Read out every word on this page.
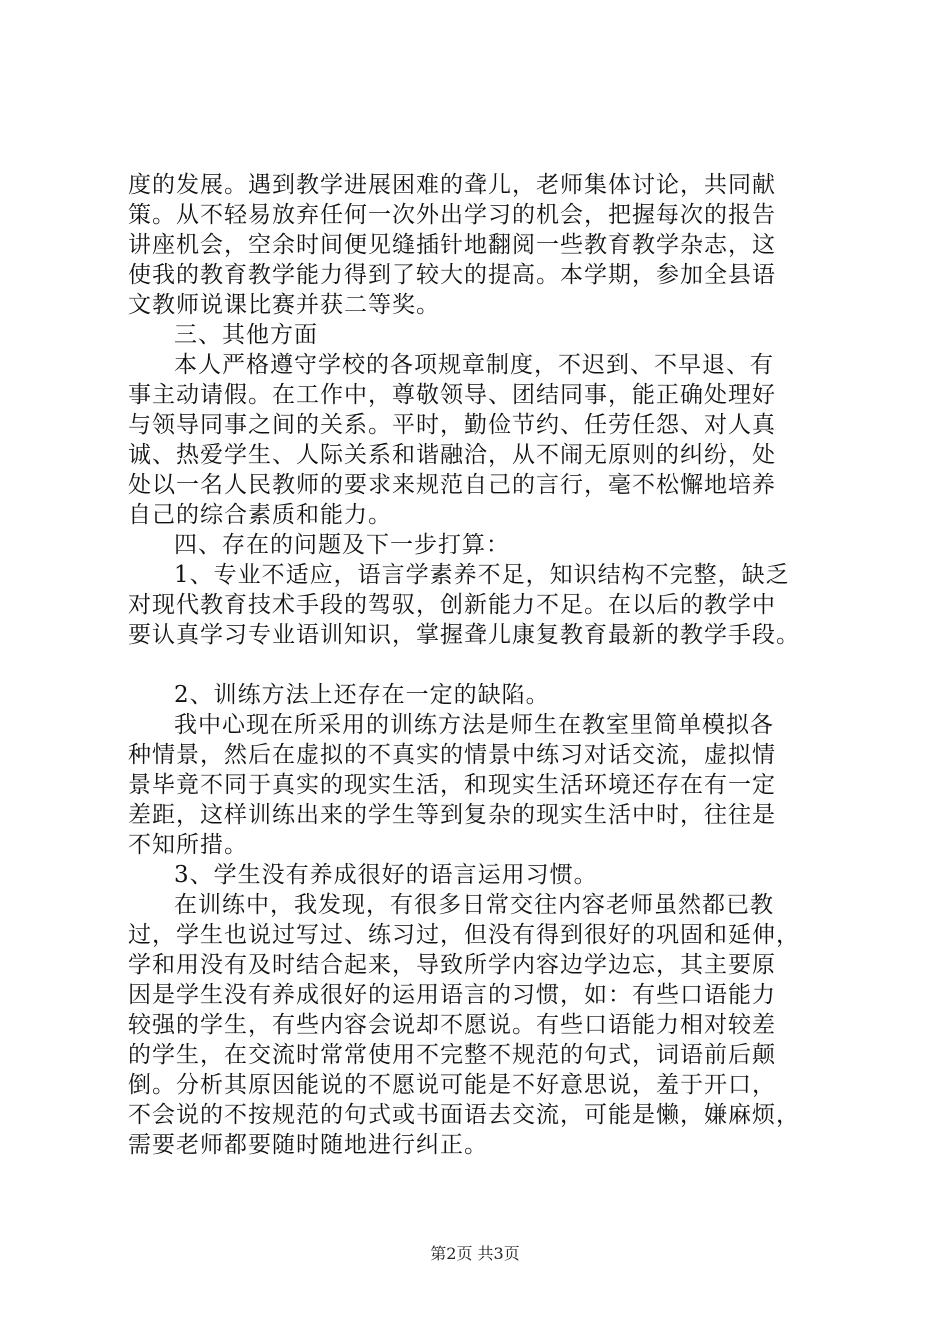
度的发展。遇到教学进展困难的聋儿，老师集体讨论，共同献

策。从不轻易放弃任何一次外出学习的机会，把握每次的报告

讲座机会，空余时间便见缝插针地翻阅一些教育教学杂志，这

使我的教育教学能力得到了较大的提高。本学期，参加全县语

文教师说课比赛并获二等奖。

三、其他方面

本人严格遵守学校的各项规章制度，不迟到、不早退、有

事主动请假。在工作中，尊敬领导、团结同事，能正确处理好

与领导同事之间的关系。平时，勤俭节约、任劳任怨、对人真

诚、热爱学生、人际关系和谐融洽，从不闹无原则的纠纷，处

处以一名人民教师的要求来规范自己的言行，毫不松懈地培养

自己的综合素质和能力。

四、存在的问题及下一步打算：

1、专业不适应，语言学素养不足，知识结构不完整，缺乏

对现代教育技术手段的驾驭，创新能力不足。在以后的教学中

要认真学习专业语训知识，掌握聋儿康复教育最新的教学手段。

2、训练方法上还存在一定的缺陷。

我中心现在所采用的训练方法是师生在教室里简单模拟各

种情景，然后在虚拟的不真实的情景中练习对话交流，虚拟情

景毕竟不同于真实的现实生活，和现实生活环境还存在有一定

差距，这样训练出来的学生等到复杂的现实生活中时，往往是

不知所措。

3、学生没有养成很好的语言运用习惯。

在训练中，我发现，有很多日常交往内容老师虽然都已教

过，学生也说过写过、练习过，但没有得到很好的巩固和延伸，

学和用没有及时结合起来，导致所学内容边学边忘，其主要原

因是学生没有养成很好的运用语言的习惯，如：有些口语能力

较强的学生，有些内容会说却不愿说。有些口语能力相对较差

的学生，在交流时常常使用不完整不规范的句式，词语前后颠

倒。分析其原因能说的不愿说可能是不好意思说，羞于开口，

不会说的不按规范的句式或书面语去交流，可能是懒，嫌麻烦，

需要老师都要随时随地进行纠正。

第2页 共3页
